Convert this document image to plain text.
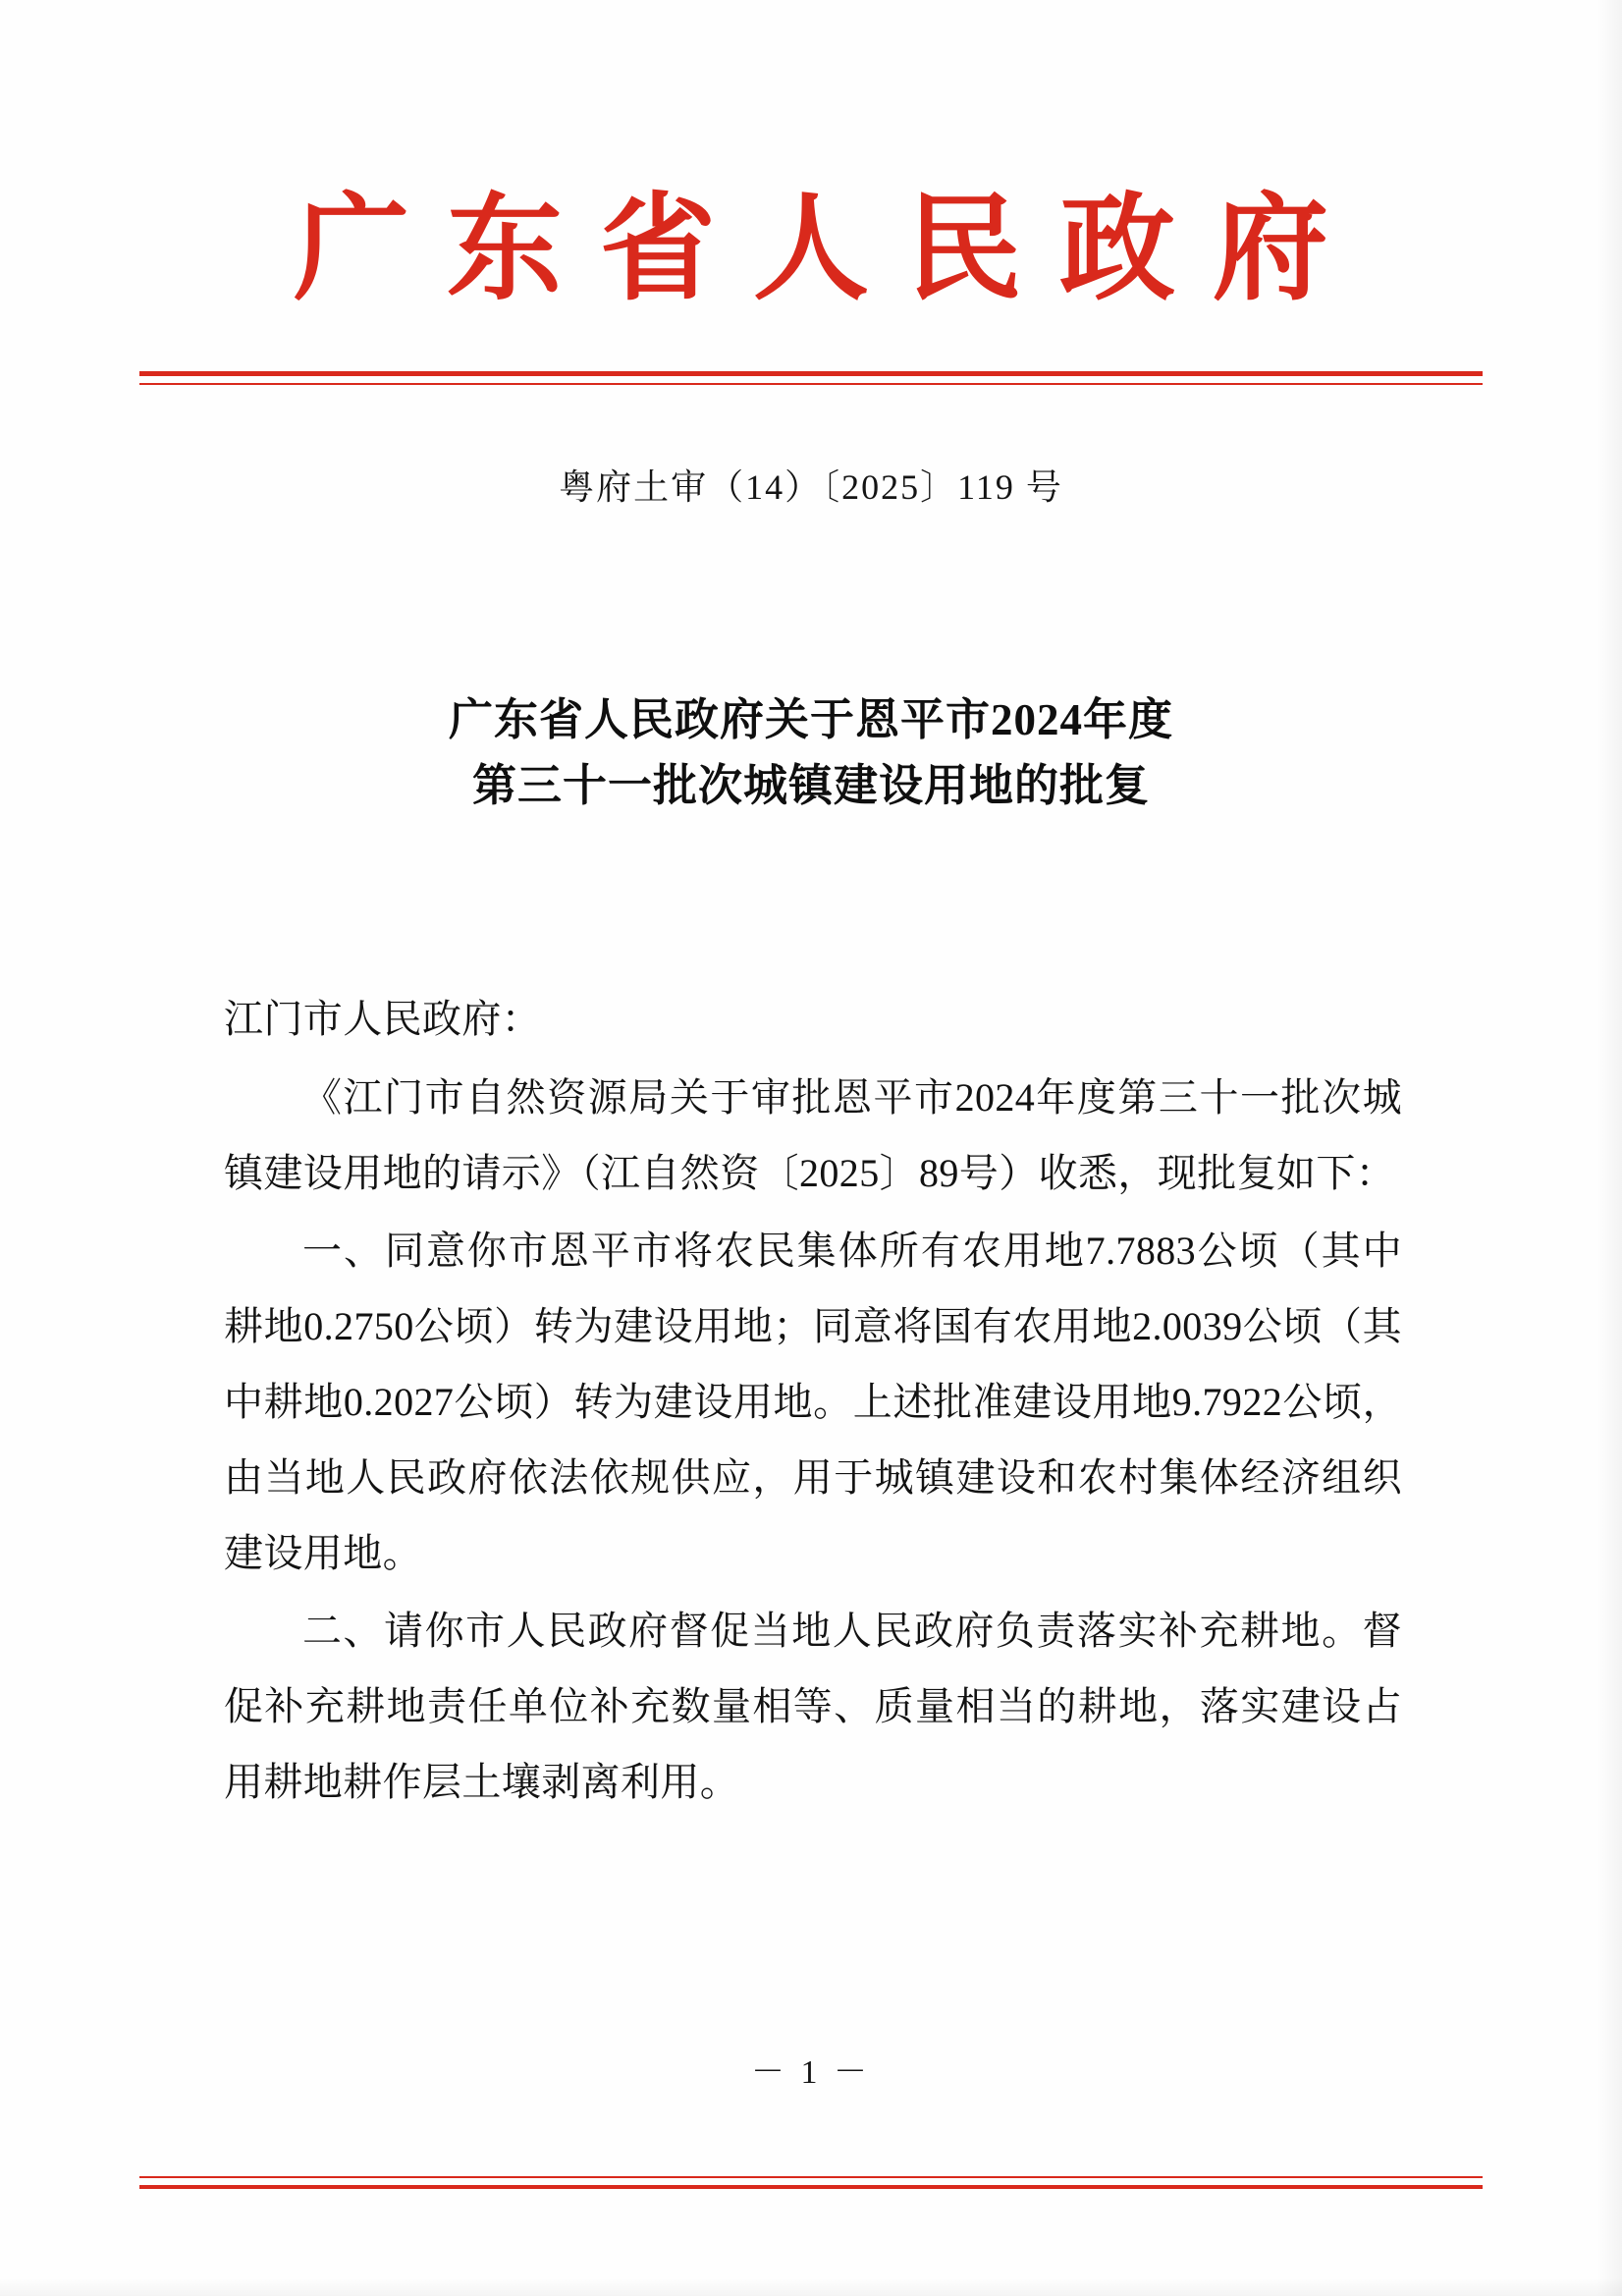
广东省人民政府
粤府土审（14）〔2025〕119 号
广东省人民政府关于恩平市2024年度
第三十一批次城镇建设用地的批复

江门市人民政府：

《江门市自然资源局关于审批恩平市2024年度第三十一批次城镇建设用地的请示》（江自然资〔2025〕89号）收悉，现批复如下：

一、同意你市恩平市将农民集体所有农用地7.7883公顷（其中耕地0.2750公顷）转为建设用地；同意将国有农用地2.0039公顷（其中耕地0.2027公顷）转为建设用地。上述批准建设用地9.7922公顷，由当地人民政府依法依规供应，用于城镇建设和农村集体经济组织建设用地。

二、请你市人民政府督促当地人民政府负责落实补充耕地。督促补充耕地责任单位补充数量相等、质量相当的耕地，落实建设占用耕地耕作层土壤剥离利用。

－ 1 －
